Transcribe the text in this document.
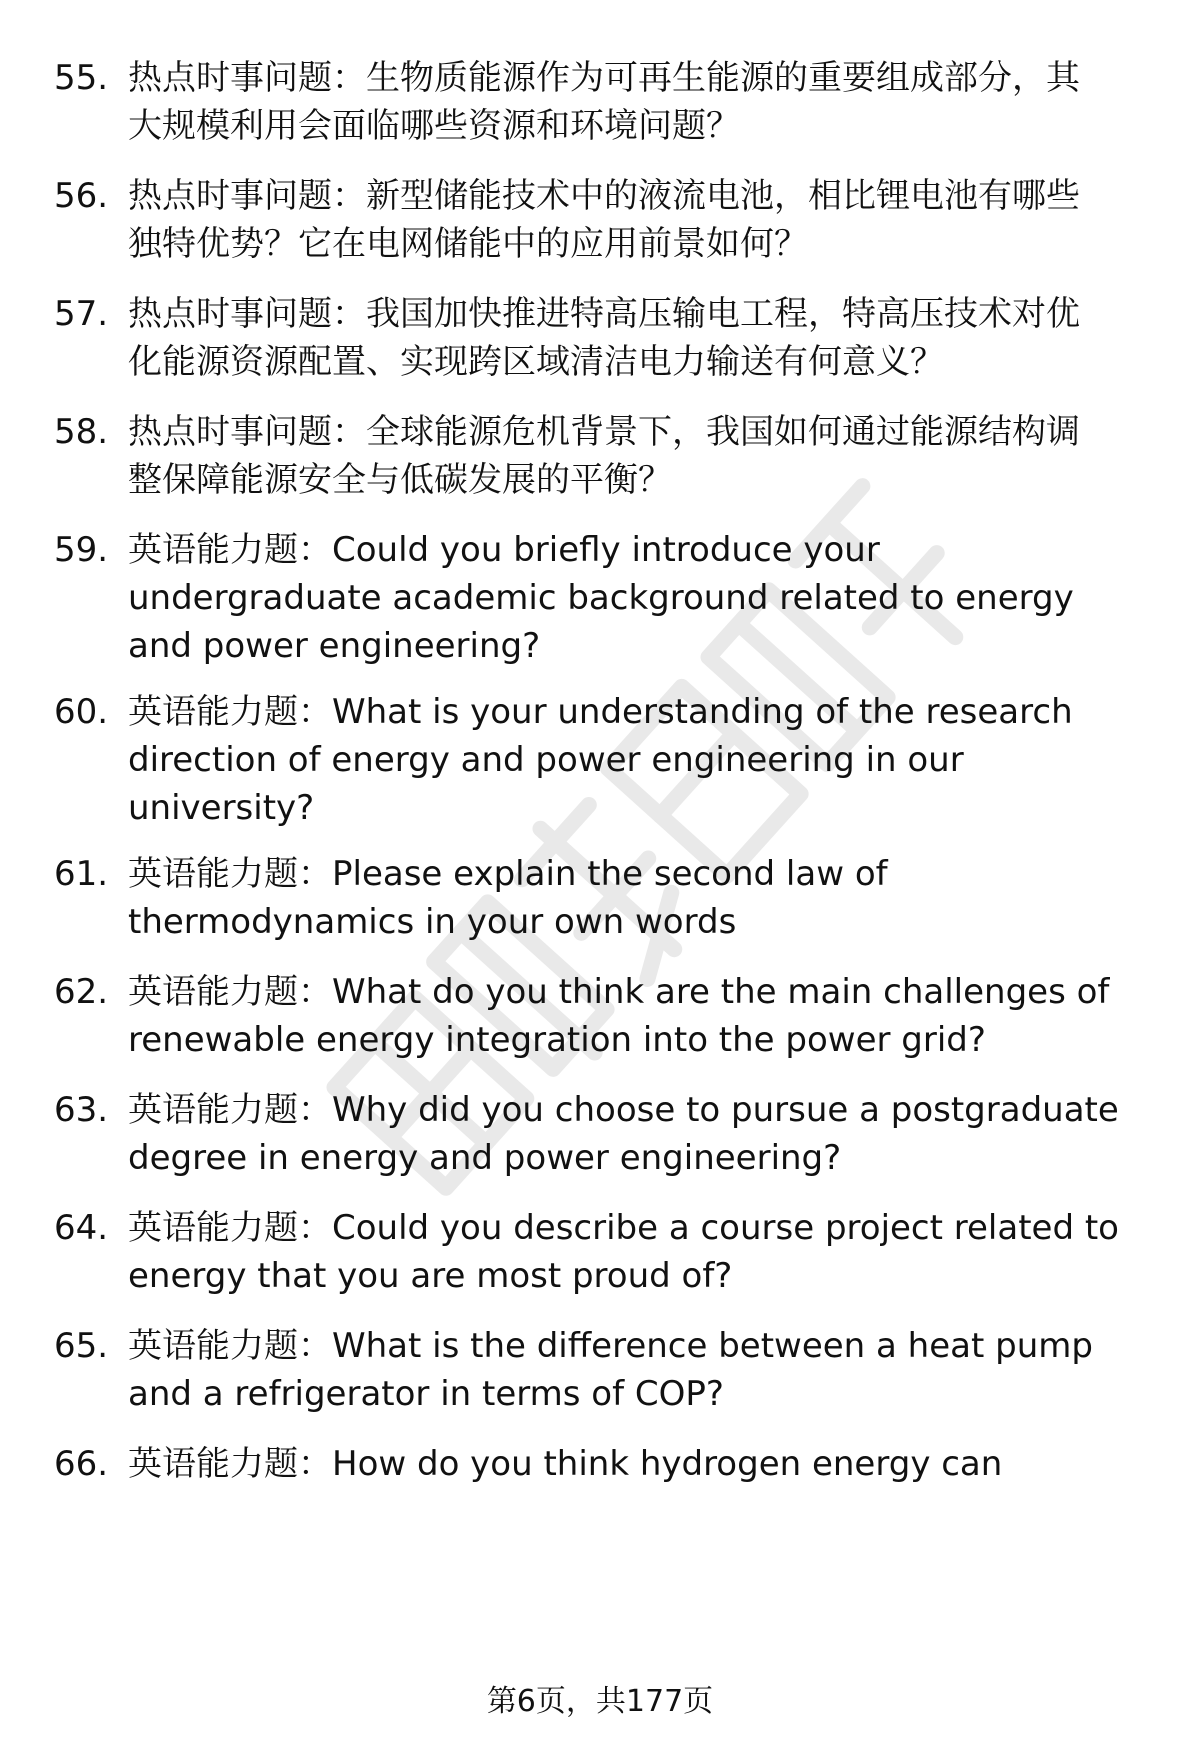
55. 热点时事问题：生物质能源作为可再生能源的重要组成部分，其
大规模利用会面临哪些资源和环境问题？
56. 热点时事问题：新型储能技术中的液流电池，相比锂电池有哪些
独特优势？它在电网储能中的应用前景如何？
57. 热点时事问题：我国加快推进特高压输电工程，特高压技术对优
化能源资源配置、实现跨区域清洁电力输送有何意义？
58. 热点时事问题：全球能源危机背景下，我国如何通过能源结构调
整保障能源安全与低碳发展的平衡？
59. 英语能力题：Could you briefly introduce your
undergraduate academic background related to energy
and power engineering?
60. 英语能力题：What is your understanding of the research
direction of energy and power engineering in our
university?
61. 英语能力题：Please explain the second law of
thermodynamics in your own words
62. 英语能力题：What do you think are the main challenges of
renewable energy integration into the power grid?
63. 英语能力题：Why did you choose to pursue a postgraduate
degree in energy and power engineering?
64. 英语能力题：Could you describe a course project related to
energy that you are most proud of?
65. 英语能力题：What is the difference between a heat pump
and a refrigerator in terms of COP?
66. 英语能力题：How do you think hydrogen energy can
第6页，共177页
